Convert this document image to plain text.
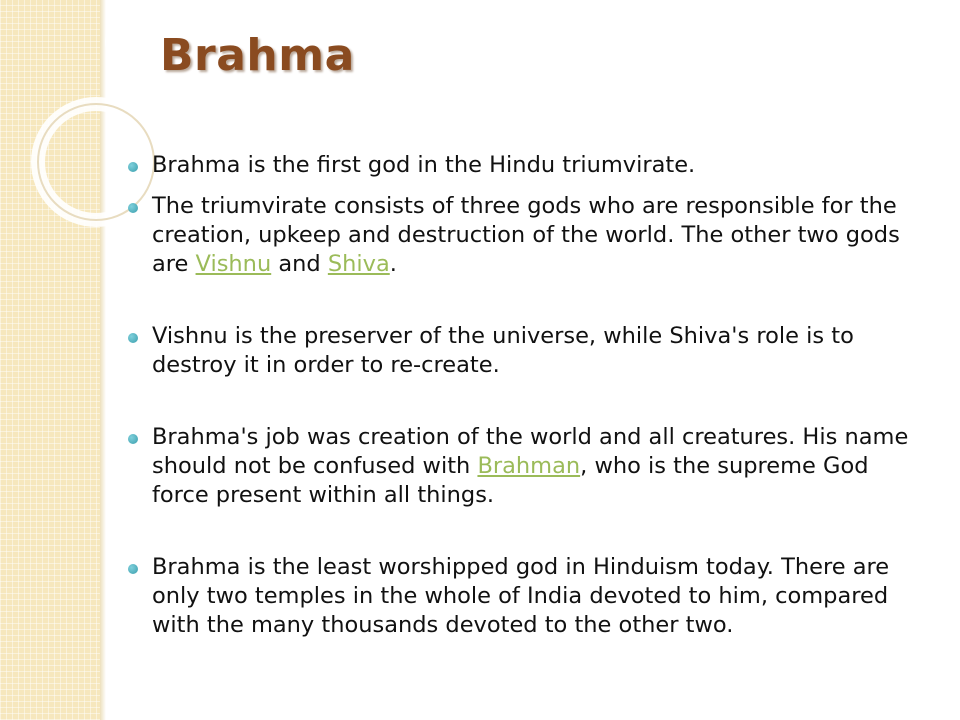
Brahma
Brahma is the first god in the Hindu triumvirate.
The triumvirate consists of three gods who are responsible for the creation, upkeep and destruction of the world. The other two gods are Vishnu and Shiva.
Vishnu is the preserver of the universe, while Shiva's role is to destroy it in order to re-create.
Brahma's job was creation of the world and all creatures. His name should not be confused with Brahman, who is the supreme God force present within all things.
Brahma is the least worshipped god in Hinduism today. There are only two temples in the whole of India devoted to him, compared with the many thousands devoted to the other two.
